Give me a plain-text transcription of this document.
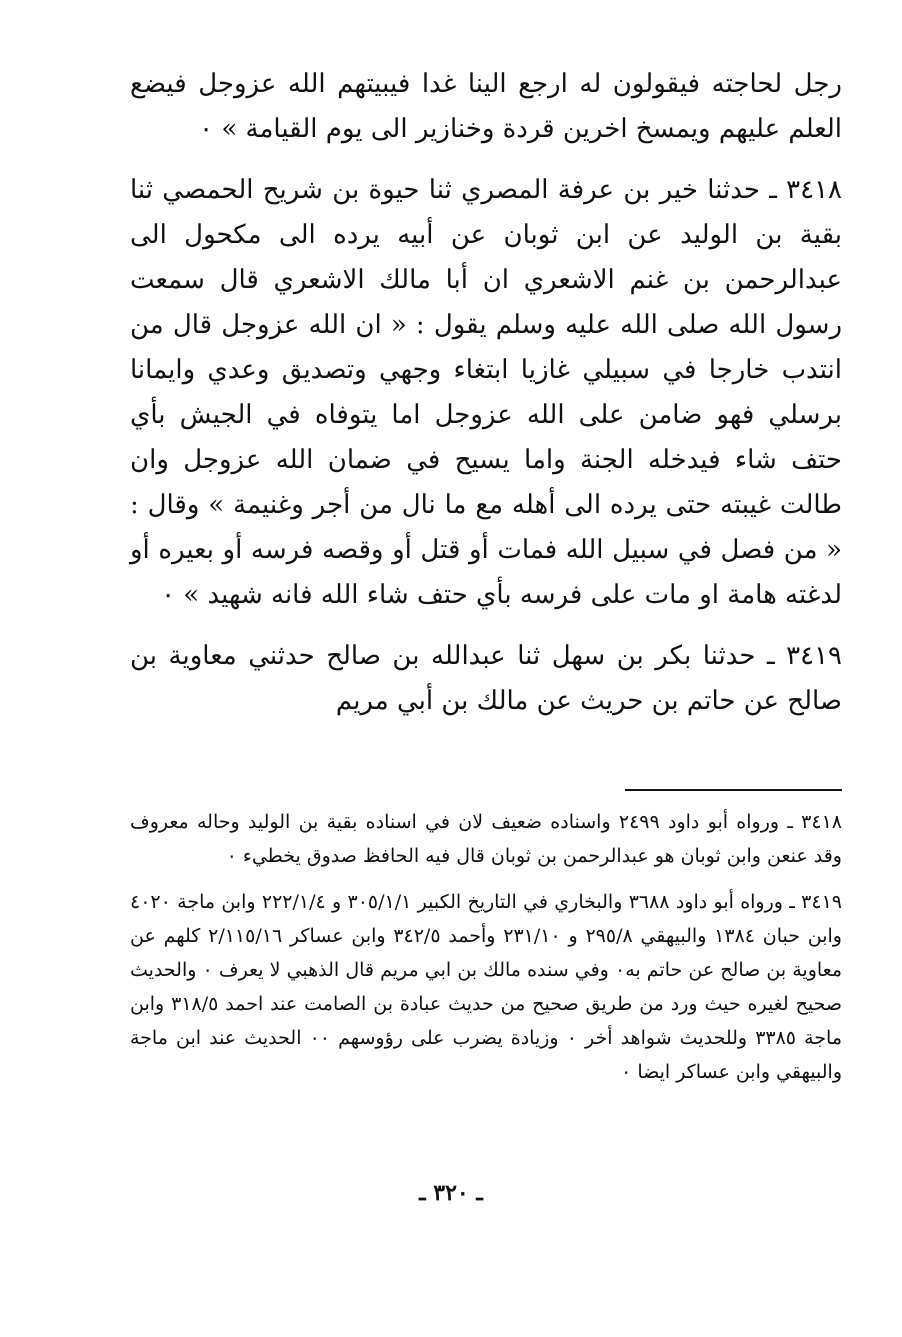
رجل لحاجته فيقولون له ارجع الينا غدا فيبيتهم الله عزوجل فيضع العلم عليهم ويمسخ اخرين قردة وخنازير الى يوم القيامة » ٠

٣٤١٨ ـ حدثنا خير بن عرفة المصري ثنا حيوة بن شريح الحمصي ثنا بقية بن الوليد عن ابن ثوبان عن أبيه يرده الى مكحول الى عبدالرحمن بن غنم الاشعري ان أبا مالك الاشعري قال سمعت رسول الله صلى الله عليه وسلم يقول : « ان الله عزوجل قال من انتدب خارجا في سبيلي غازيا ابتغاء وجهي وتصديق وعدي وايمانا برسلي فهو ضامن على الله عزوجل اما يتوفاه في الجيش بأي حتف شاء فيدخله الجنة واما يسيح في ضمان الله عزوجل وان طالت غيبته حتى يرده الى أهله مع ما نال من أجر وغنيمة » وقال : « من فصل في سبيل الله فمات أو قتل أو وقصه فرسه أو بعيره أو لدغته هامة او مات على فرسه بأي حتف شاء الله فانه شهيد » ٠

٣٤١٩ ـ حدثنا بكر بن سهل ثنا عبدالله بن صالح حدثني معاوية بن صالح عن حاتم بن حريث عن مالك بن أبي مريم

٣٤١٨ ـ ورواه أبو داود ٢٤٩٩ واسناده ضعيف لان في اسناده بقية بن الوليد وحاله معروف وقد عنعن وابن ثوبان هو عبدالرحمن بن ثوبان قال فيه الحافظ صدوق يخطيء ٠

٣٤١٩ ـ ورواه أبو داود ٣٦٨٨ والبخاري في التاريخ الكبير ٣٠٥/١/١ و ٢٢٢/١/٤ وابن ماجة ٤٠٢٠ وابن حبان ١٣٨٤ والبيهقي ٢٩٥/٨ و ٢٣١/١٠ وأحمد ٣٤٢/٥ وابن عساكر ٢/١١٥/١٦ كلهم عن معاوية بن صالح عن حاتم به٠ وفي سنده مالك بن ابي مريم قال الذهبي لا يعرف ٠ والحديث صحيح لغيره حيث ورد من طريق صحيح من حديث عبادة بن الصامت عند احمد ٣١٨/٥ وابن ماجة ٣٣٨٥ وللحديث شواهد أخر ٠ وزيادة يضرب على رؤوسهم ٠٠ الحديث عند ابن ماجة والبيهقي وابن عساكر ايضا ٠

ـ ٣٢٠ ـ
